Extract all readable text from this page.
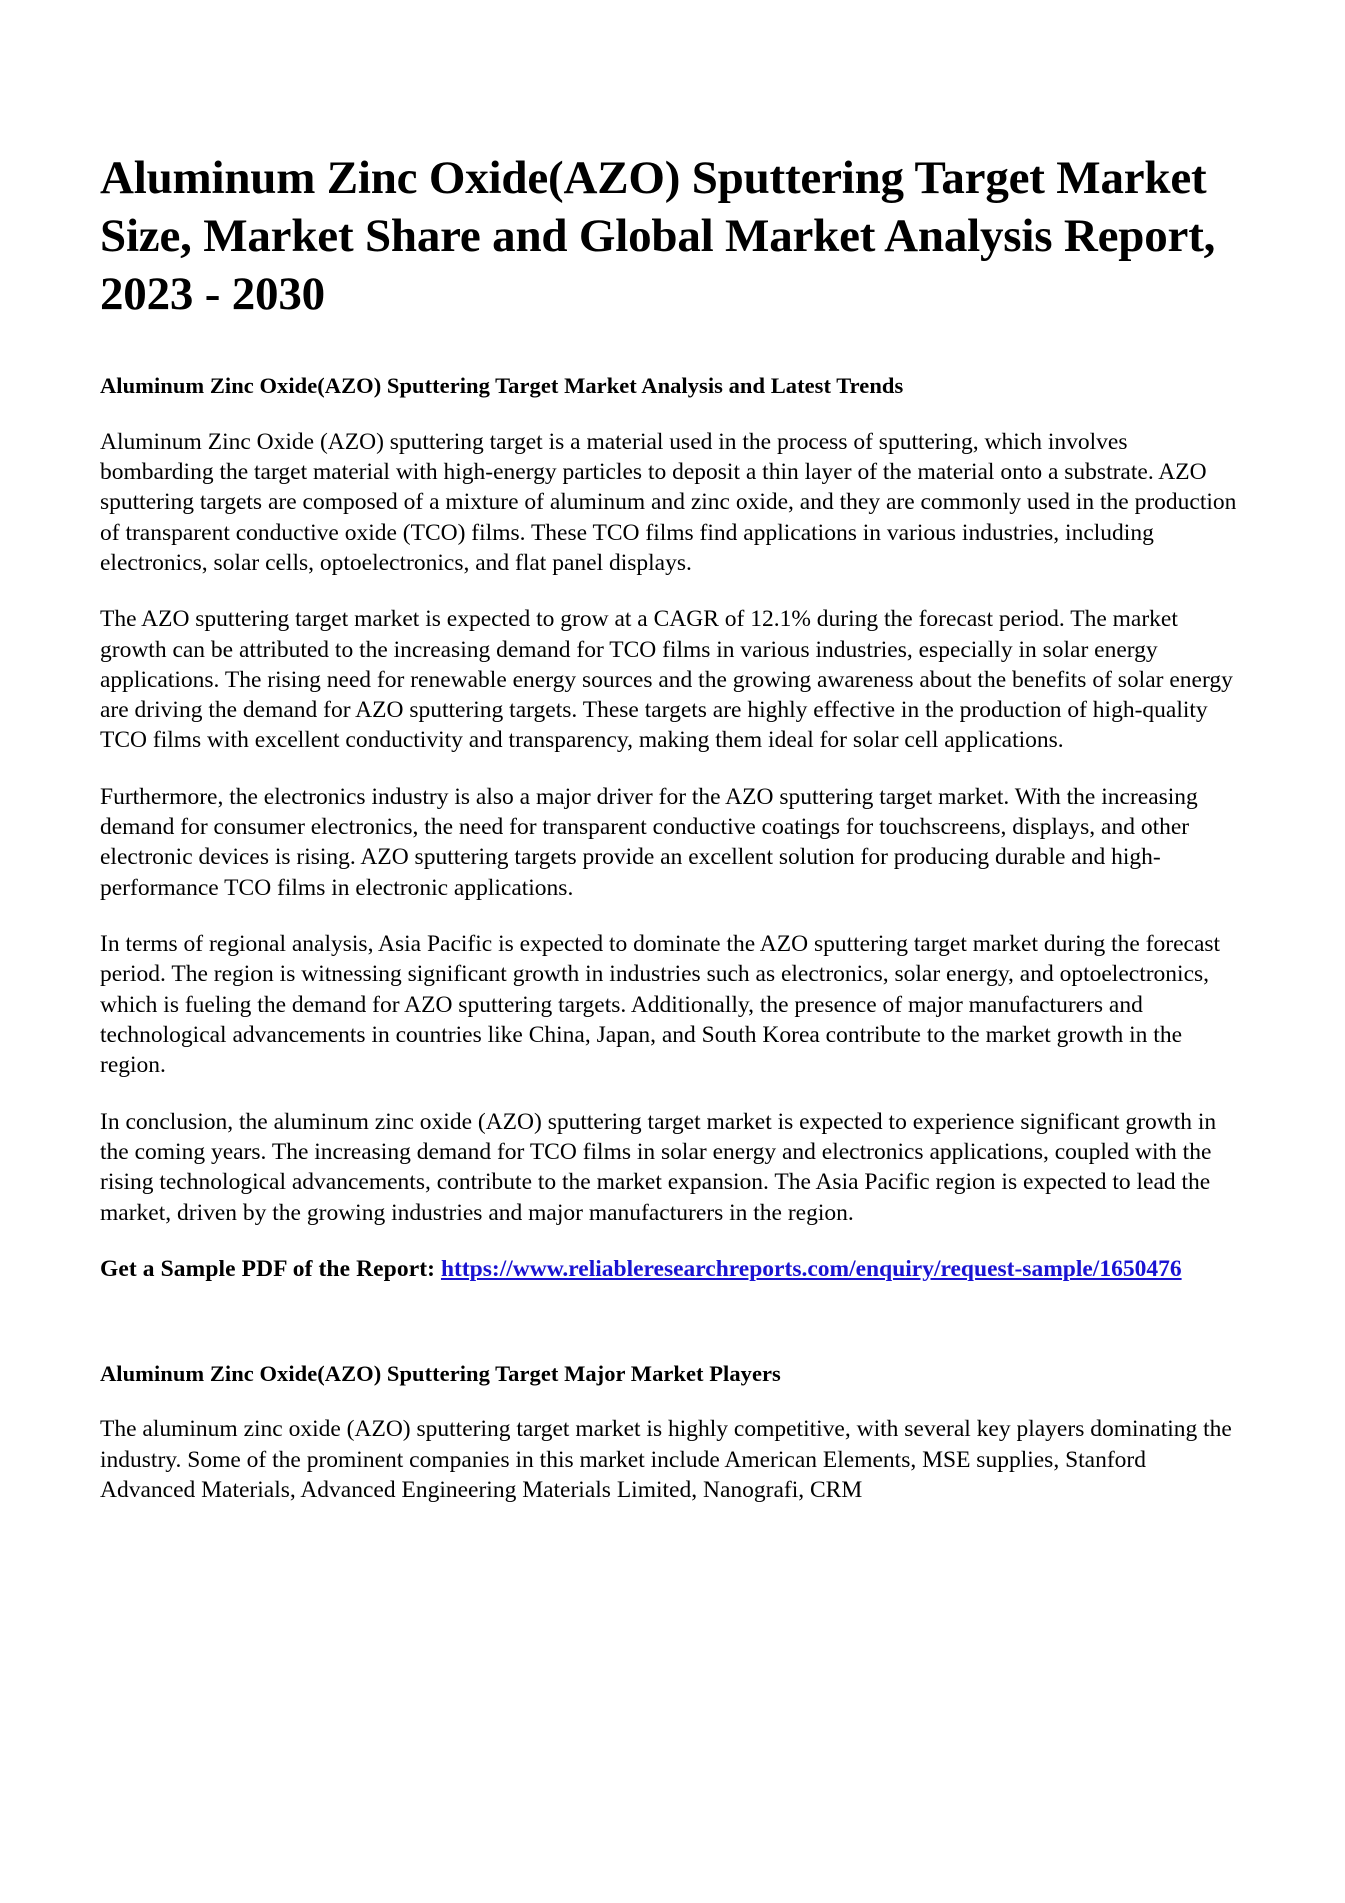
Aluminum Zinc Oxide(AZO) Sputtering Target Market Size, Market Share and Global Market Analysis Report, 2023 - 2030
Aluminum Zinc Oxide(AZO) Sputtering Target Market Analysis and Latest Trends

Aluminum Zinc Oxide (AZO) sputtering target is a material used in the process of sputtering, which involves bombarding the target material with high-energy particles to deposit a thin layer of the material onto a substrate. AZO sputtering targets are composed of a mixture of aluminum and zinc oxide, and they are commonly used in the production of transparent conductive oxide (TCO) films. These TCO films find applications in various industries, including electronics, solar cells, optoelectronics, and flat panel displays.

The AZO sputtering target market is expected to grow at a CAGR of 12.1% during the forecast period. The market growth can be attributed to the increasing demand for TCO films in various industries, especially in solar energy applications. The rising need for renewable energy sources and the growing awareness about the benefits of solar energy are driving the demand for AZO sputtering targets. These targets are highly effective in the production of high-quality TCO films with excellent conductivity and transparency, making them ideal for solar cell applications.

Furthermore, the electronics industry is also a major driver for the AZO sputtering target market. With the increasing demand for consumer electronics, the need for transparent conductive coatings for touchscreens, displays, and other electronic devices is rising. AZO sputtering targets provide an excellent solution for producing durable and high-performance TCO films in electronic applications.

In terms of regional analysis, Asia Pacific is expected to dominate the AZO sputtering target market during the forecast period. The region is witnessing significant growth in industries such as electronics, solar energy, and optoelectronics, which is fueling the demand for AZO sputtering targets. Additionally, the presence of major manufacturers and technological advancements in countries like China, Japan, and South Korea contribute to the market growth in the region.

In conclusion, the aluminum zinc oxide (AZO) sputtering target market is expected to experience significant growth in the coming years. The increasing demand for TCO films in solar energy and electronics applications, coupled with the rising technological advancements, contribute to the market expansion. The Asia Pacific region is expected to lead the market, driven by the growing industries and major manufacturers in the region.

Get a Sample PDF of the Report: https://www.reliableresearchreports.com/enquiry/request-sample/1650476
Aluminum Zinc Oxide(AZO) Sputtering Target Major Market Players

The aluminum zinc oxide (AZO) sputtering target market is highly competitive, with several key players dominating the industry. Some of the prominent companies in this market include American Elements, MSE supplies, Stanford Advanced Materials, Advanced Engineering Materials Limited, Nanografi, CRM
